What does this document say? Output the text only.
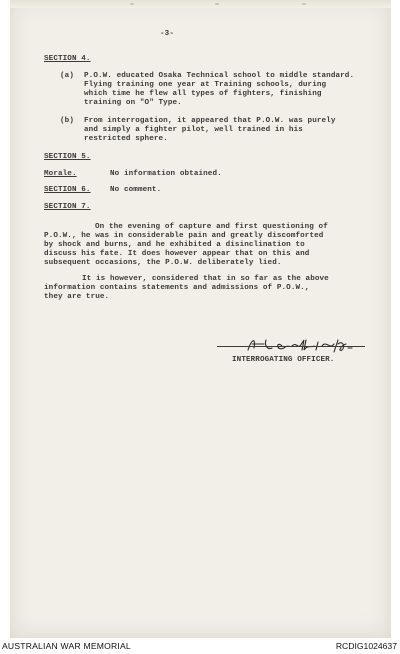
-3-
SECTION 4.
(a) P.O.W. educated Osaka Technical school to middle standard.
Flying training one year at Training schools, during
which time he flew all types of fighters, finishing
training on "O" Type.
(b) From interrogation, it appeared that P.O.W. was purely
and simply a fighter pilot, well trained in his
restricted sphere.
SECTION 5.
Morale.	No information obtained.
SECTION 6.	No comment.
SECTION 7.
On the evening of capture and first questioning of
P.O.W., he was in considerable pain and greatly discomforted
by shock and burns, and he exhibited a disinclination to
discuss his fate. It does however appear that on this and
subsequent occasions, the P.O.W. deliberately lied.
It is however, considered that in so far as the above
information contains statements and admissions of P.O.W.,
they are true.
INTERROGATING OFFICER.
AUSTRALIAN WAR MEMORIAL	RCDIG1024637
